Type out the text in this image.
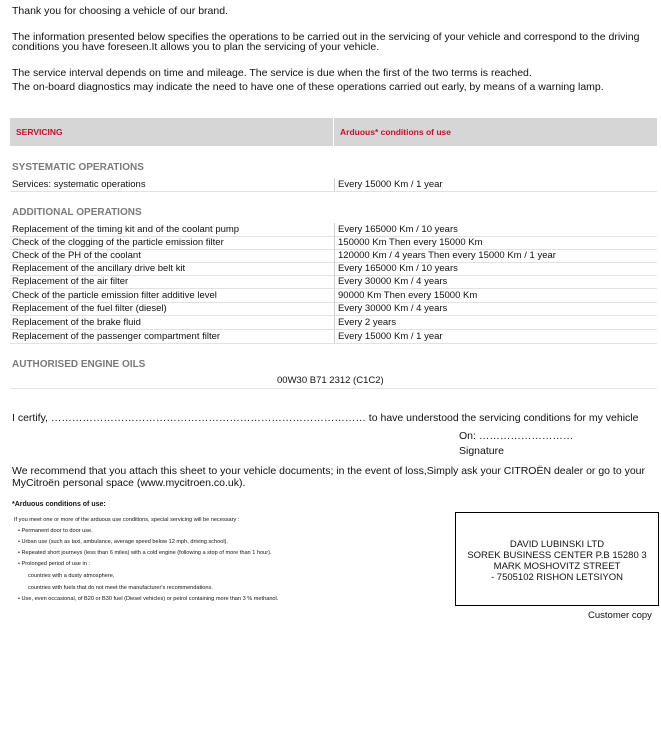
Thank you for choosing a vehicle of our brand.
The information presented below specifies the operations to be carried out in the servicing of your vehicle and correspond to the driving
conditions you have foreseen.It allows you to plan the servicing of your vehicle.
The service interval depends on time and mileage. The service is due when the first of the two terms is reached.
The on-board diagnostics may indicate the need to have one of these operations carried out early, by means of a warning lamp.
SERVICING	Arduous* conditions of use
SYSTEMATIC OPERATIONS
Services: systematic operations	Every 15000 Km / 1 year
ADDITIONAL OPERATIONS
Replacement of the timing kit and of the coolant pump	Every 165000 Km / 10 years
Check of the clogging of the particle emission filter	150000 Km Then every 15000 Km
Check of the PH of the coolant	120000 Km / 4 years Then every 15000 Km / 1 year
Replacement of the ancillary drive belt kit	Every 165000 Km / 10 years
Replacement of the air filter	Every 30000 Km / 4 years
Check of the particle emission filter additive level	90000 Km Then every 15000 Km
Replacement of the fuel filter (diesel)	Every 30000 Km / 4 years
Replacement of the brake fluid	Every 2 years
Replacement of the passenger compartment filter	Every 15000 Km / 1 year
AUTHORISED ENGINE OILS
00W30 B71 2312 (C1C2)
I certify, ……………………………………………………………………………… to have understood the servicing conditions for my vehicle
On: ………………………
Signature
We recommend that you attach this sheet to your vehicle documents; in the event of loss,Simply ask your CITROËN dealer or go to your
MyCitroën personal space (www.mycitroen.co.uk).
*Arduous conditions of use:
If you meet one or more of the arduous use conditions, special servicing will be necessary :
• Permanent door to door use.
• Urban use (such as taxi, ambulance, average speed below 12 mph, driving school).
• Repeated short journeys (less than 6 miles) with a cold engine (following a stop of more than 1 hour).
• Prolonged period of use in :
countries with a dusty atmosphere,
countries with fuels that do not meet the manufacturer's recommendations.
• Use, even occasional, of B20 or B30 fuel (Diesel vehicles) or petrol containing more than 3 % methanol.
DAVID LUBINSKI LTD
SOREK BUSINESS CENTER P.B 15280 3
MARK MOSHOVITZ STREET
- 7505102 RISHON LETSIYON
Customer copy
